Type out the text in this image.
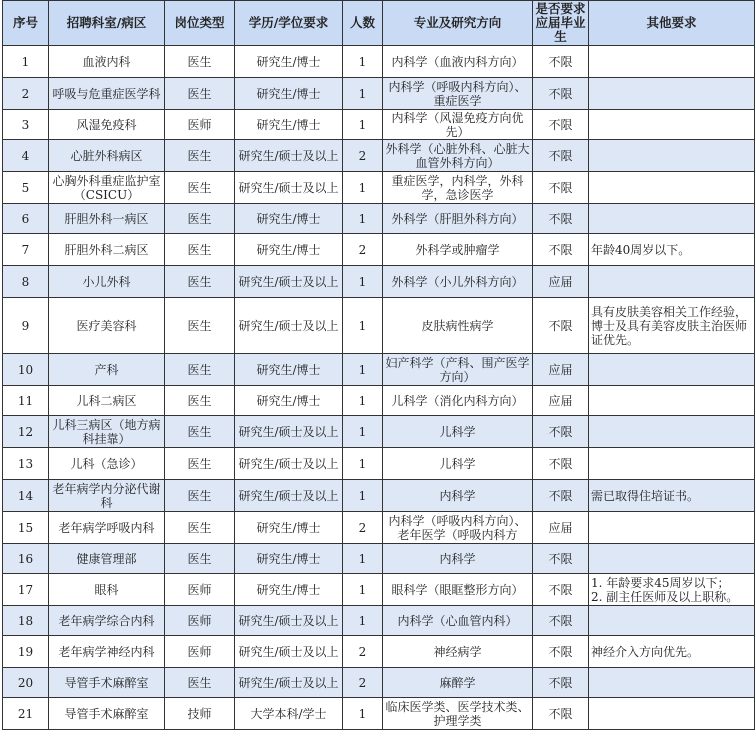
序号	招聘科室/病区	岗位类型	学历/学位要求	人数	专业及研究方向	是否要求应届毕业生	其他要求
1	血液内科	医生	研究生/博士	1	内科学（血液内科方向）	不限	
2	呼吸与危重症医学科	医生	研究生/博士	1	内科学（呼吸内科方向）、重症医学	不限	
3	风湿免疫科	医师	研究生/博士	1	内科学（风湿免疫方向优先）	不限	
4	心脏外科病区	医生	研究生/硕士及以上	2	外科学（心脏外科、心脏大血管外科方向）	不限	
5	心胸外科重症监护室（CSICU）	医生	研究生/硕士及以上	1	重症医学，内科学，外科学，急诊医学	不限	
6	肝胆外科一病区	医生	研究生/博士	1	外科学（肝胆外科方向）	不限	
7	肝胆外科二病区	医生	研究生/博士	2	外科学或肿瘤学	不限	年龄40周岁以下。
8	小儿外科	医生	研究生/硕士及以上	1	外科学（小儿外科方向）	应届	
9	医疗美容科	医生	研究生/硕士及以上	1	皮肤病性病学	不限	具有皮肤美容相关工作经验，博士及具有美容皮肤主治医师证优先。
10	产科	医生	研究生/博士	1	妇产科学（产科、围产医学方向）	应届	
11	儿科二病区	医生	研究生/博士	1	儿科学（消化内科方向）	应届	
12	儿科三病区（地方病科挂靠）	医生	研究生/硕士及以上	1	儿科学	不限	
13	儿科（急诊）	医生	研究生/硕士及以上	1	儿科学	不限	
14	老年病学内分泌代谢科	医生	研究生/硕士及以上	1	内科学	不限	需已取得住培证书。
15	老年病学呼吸内科	医生	研究生/博士	2	内科学（呼吸内科方向）、老年医学（呼吸内科方	应届	
16	健康管理部	医生	研究生/博士	1	内科学	不限	
17	眼科	医师	研究生/博士	1	眼科学（眼眶整形方向）	不限	1. 年龄要求45周岁以下；
2. 副主任医师及以上职称。
18	老年病学综合内科	医师	研究生/硕士及以上	1	内科学（心血管内科）	不限	
19	老年病学神经内科	医师	研究生/硕士及以上	2	神经病学	不限	神经介入方向优先。
20	导管手术麻醉室	医生	研究生/硕士及以上	2	麻醉学	不限	
21	导管手术麻醉室	技师	大学本科/学士	1	临床医学类、医学技术类、护理学类	不限	
